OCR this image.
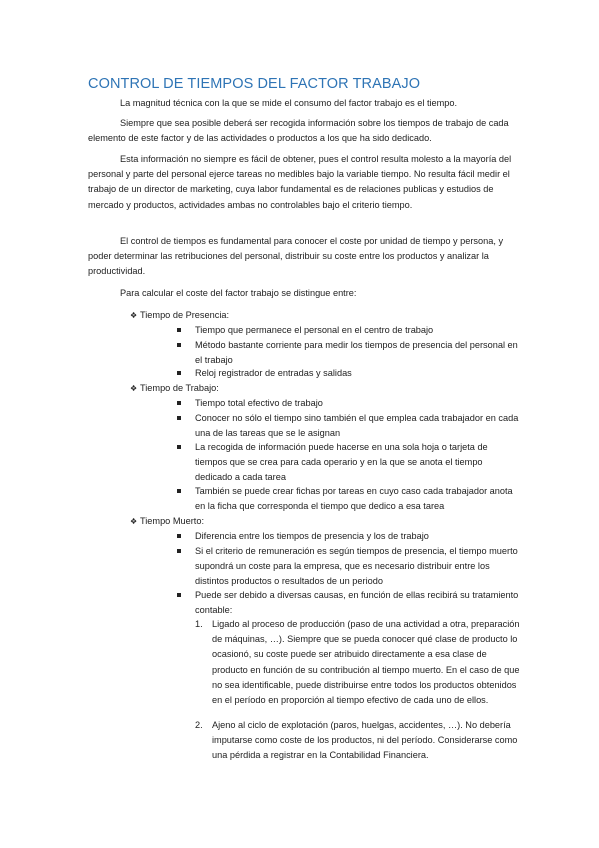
CONTROL DE TIEMPOS DEL FACTOR TRABAJO

La magnitud técnica con la que se mide el consumo del factor trabajo es el tiempo.

Siempre que sea posible deberá ser recogida información sobre los tiempos de trabajo de cada elemento de este factor y de las actividades o productos a los que ha sido dedicado.

Esta información no siempre es fácil de obtener, pues el control resulta molesto a la mayoría del personal y parte del personal ejerce tareas no medibles bajo la variable tiempo. No resulta fácil medir el trabajo de un director de marketing, cuya labor fundamental es de relaciones publicas y estudios de mercado y productos, actividades ambas no controlables bajo el criterio tiempo.

El control de tiempos es fundamental para conocer el coste por unidad de tiempo y persona, y poder determinar las retribuciones del personal, distribuir su coste entre los productos y analizar la productividad.

Para calcular el coste del factor trabajo se distingue entre:

❖ Tiempo de Presencia:
Tiempo que permanece el personal en el centro de trabajo
Método bastante corriente para medir los tiempos de presencia del personal en el trabajo
Reloj registrador de entradas y salidas
❖ Tiempo de Trabajo:
Tiempo total efectivo de trabajo
Conocer no sólo el tiempo sino también el que emplea cada trabajador en cada una de las tareas que se le asignan
La recogida de información puede hacerse en una sola hoja o tarjeta de tiempos que se crea para cada operario y en la que se anota el tiempo dedicado a cada tarea
También se puede crear fichas por tareas en cuyo caso cada trabajador anota en la ficha que corresponda el tiempo que dedico a esa tarea
❖ Tiempo Muerto:
Diferencia entre los tiempos de presencia y los de trabajo
Si el criterio de remuneración es según tiempos de presencia, el tiempo muerto supondrá un coste para la empresa, que es necesario distribuir entre los distintos productos o resultados de un periodo
Puede ser debido a diversas causas, en función de ellas recibirá su tratamiento contable:
1. Ligado al proceso de producción (paso de una actividad a otra, preparación de máquinas, …). Siempre que se pueda conocer qué clase de producto lo ocasionó, su coste puede ser atribuido directamente a esa clase de producto en función de su contribución al tiempo muerto. En el caso de que no sea identificable, puede distribuirse entre todos los productos obtenidos en el período en proporción al tiempo efectivo de cada uno de ellos.
2. Ajeno al ciclo de explotación (paros, huelgas, accidentes, …). No debería imputarse como coste de los productos, ni del período. Considerarse como una pérdida a registrar en la Contabilidad Financiera.
